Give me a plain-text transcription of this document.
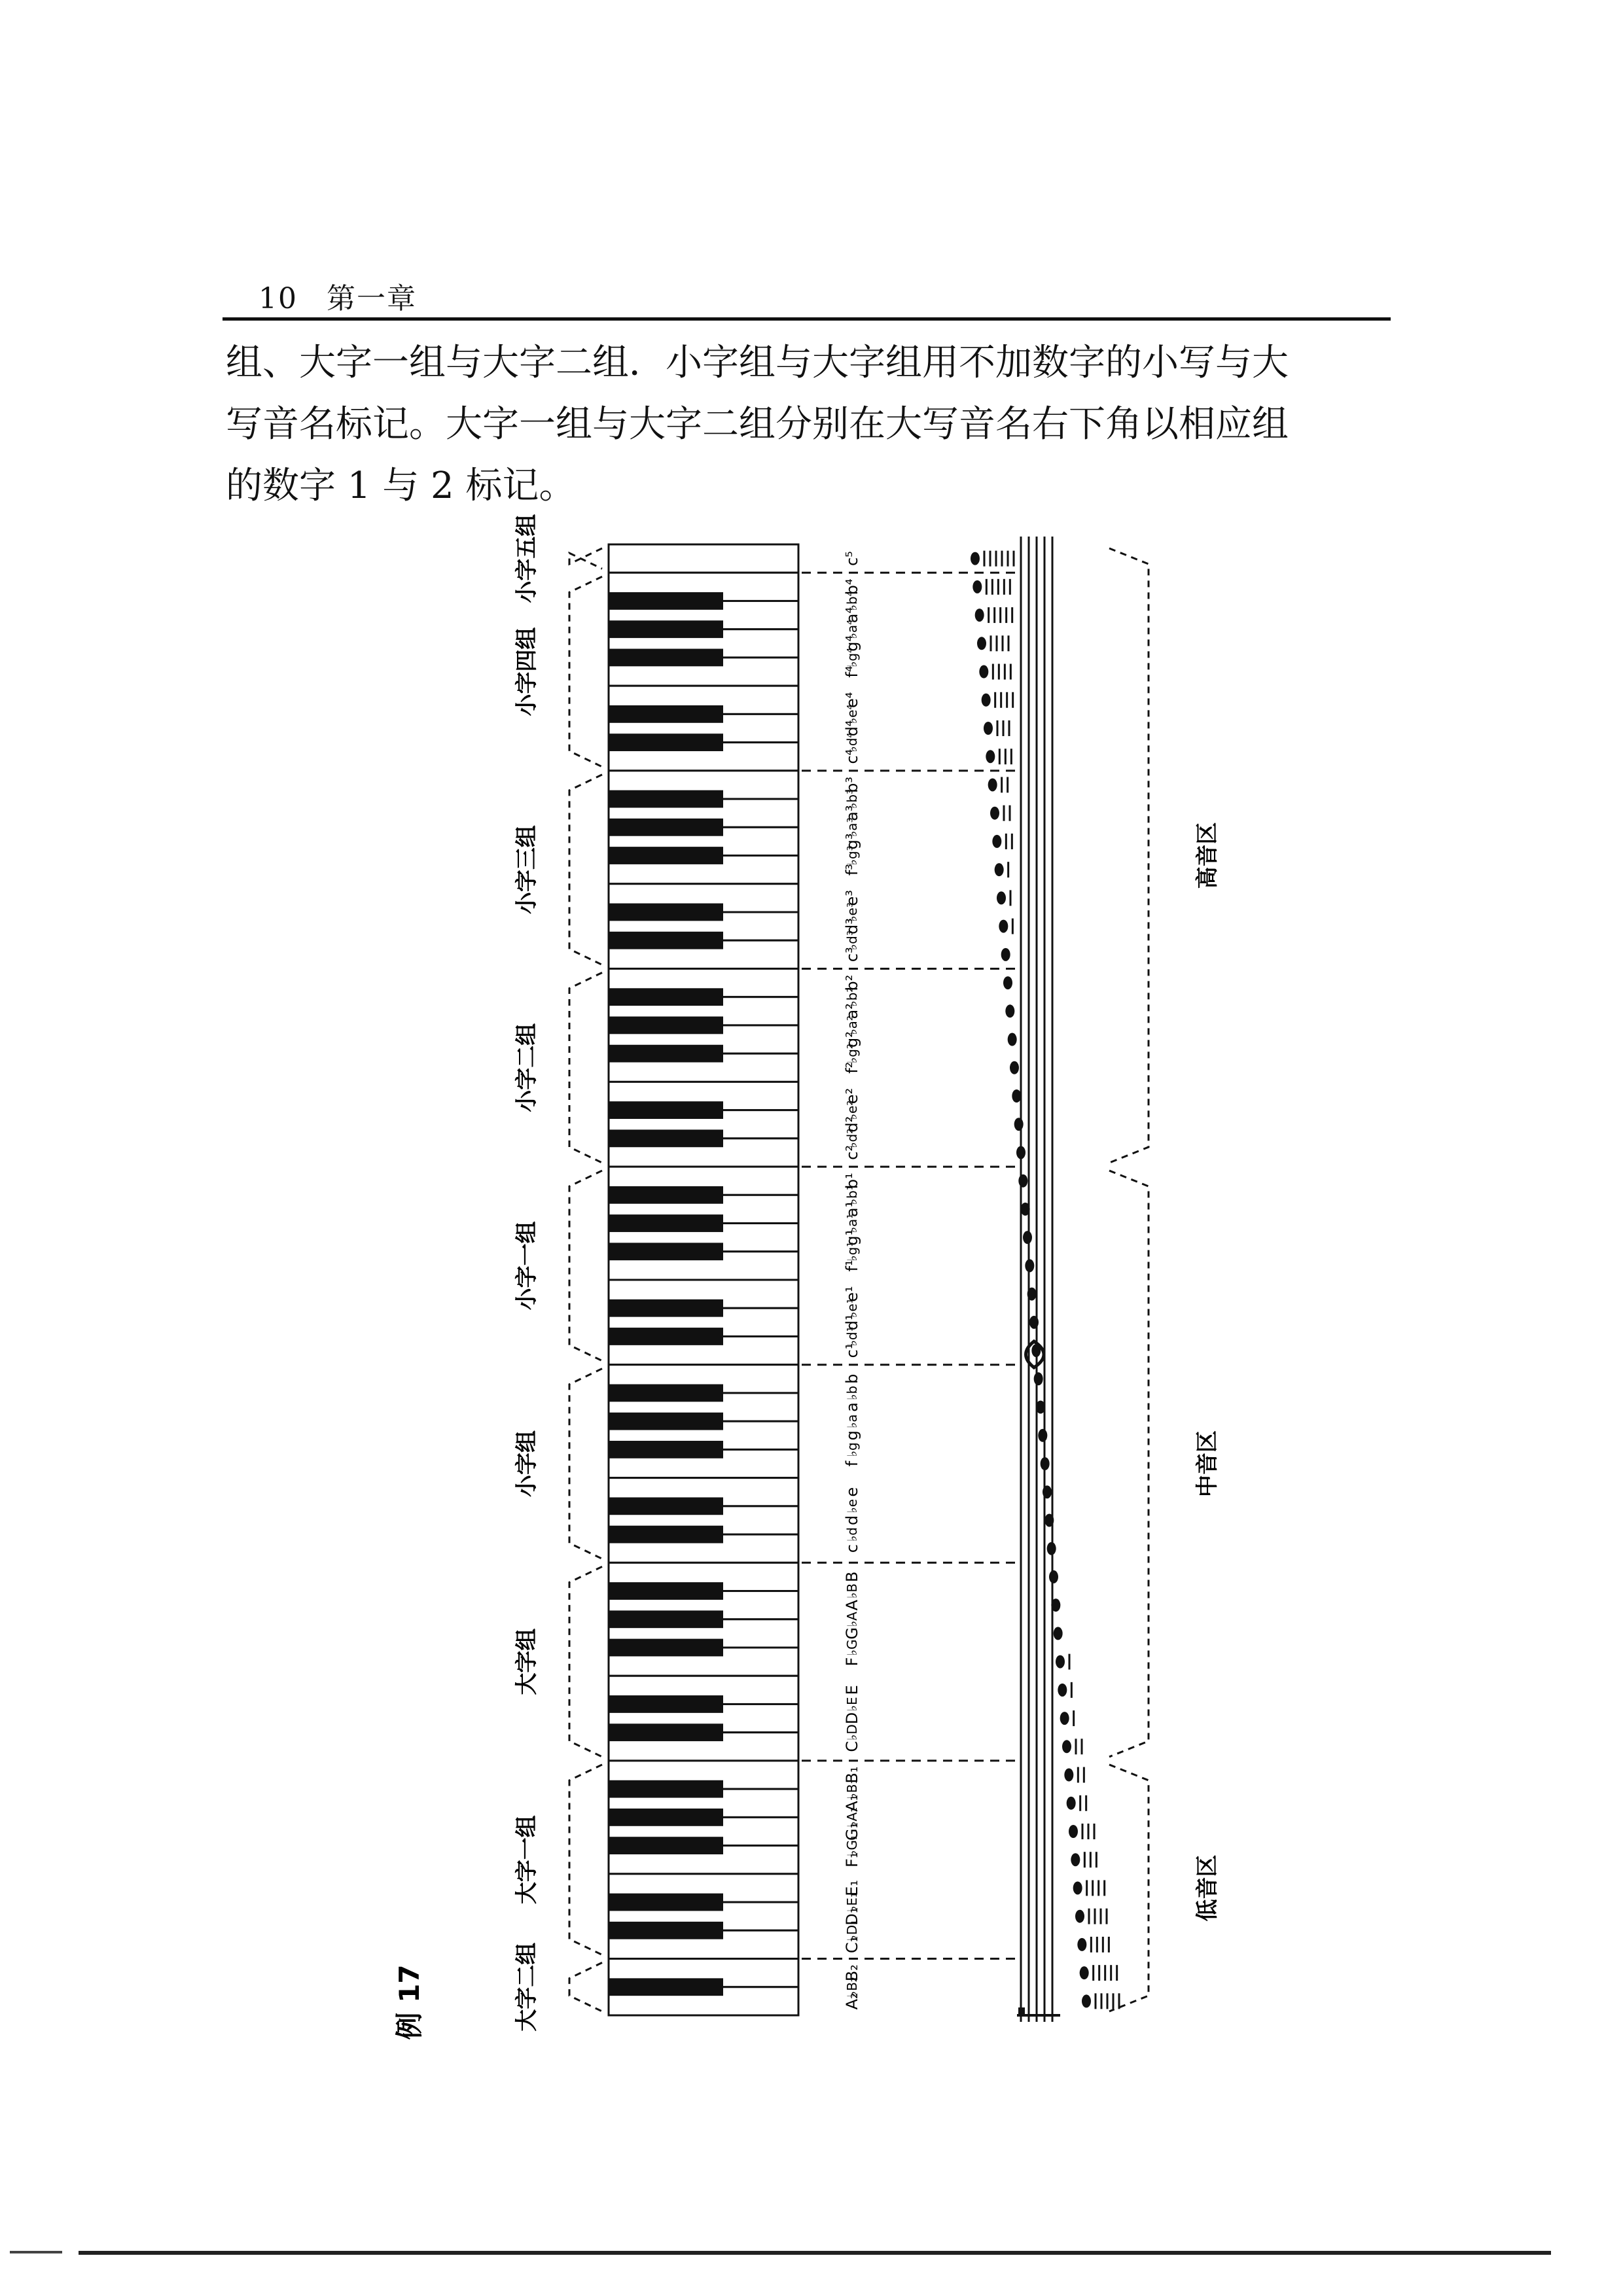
10 第一章

组、大字一组与大字二组．小字组与大字组用不加数字的小写与大

写音名标记。大字一组与大字二组分别在大写音名右下角以相应组

的数字 1 与 2 标记。

c⁵
b⁴
a⁴
g⁴
f⁴
e⁴
d⁴
c⁴
b³
a³
g³
f³
e³
d³
c³
b²
a²
g²
f²
e²
d²
c²
b¹
a¹
g¹
f¹
e¹
d¹
c¹
b
a
g
f
e
d
c
B
A
G
F
E
D
C
B₁
A₁
G₁
F₁
E₁
D₁
C₁
B₂
A₂
♭b⁴
♭a⁴
♭g⁴
♭e⁴
♭d⁴
♭b³
♭a³
♭g³
♭e³
♭d³
♭b²
♭a²
♭g²
♭e²
♭d²
♭b¹
♭a¹
♭g¹
♭e¹
♭d¹
♭b
♭a
♭g
♭e
♭d
♭B
♭A
♭G
♭E
♭D
♭B₁
♭A₁
♭G₁
♭E₁
♭D₁
♭B₂
小字五组
小字四组
小字三组
小字二组
小字一组
小字组
大字组
大字一组
大字二组
高音区
中音区
低音区
例 17
